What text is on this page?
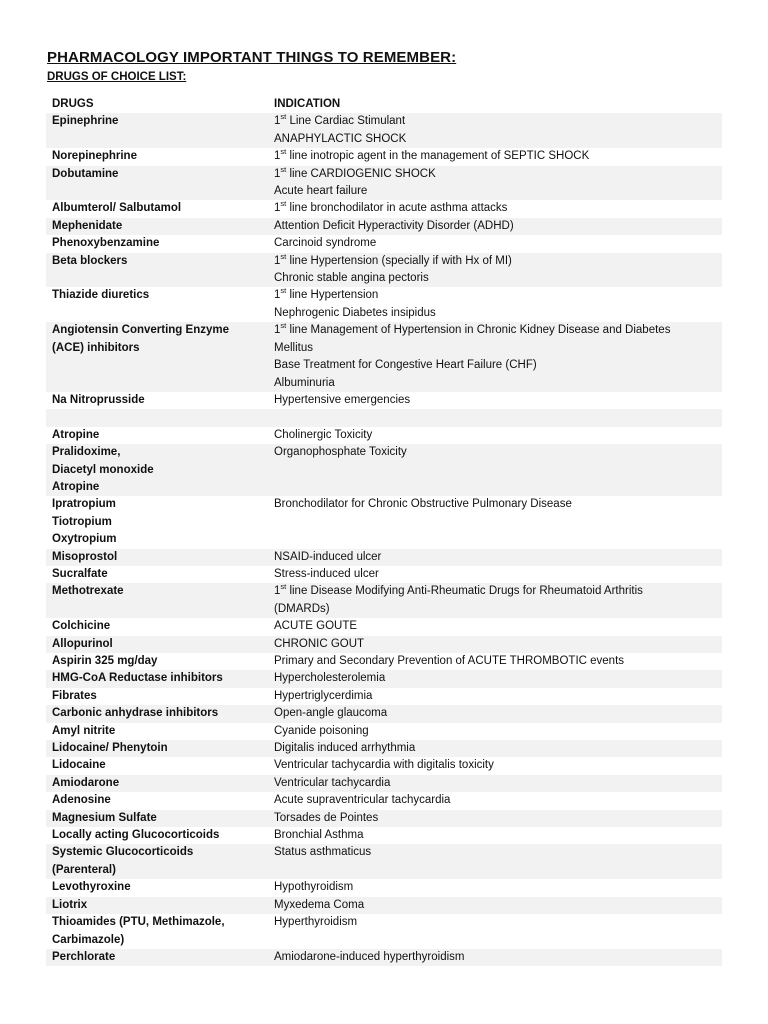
PHARMACOLOGY IMPORTANT THINGS TO REMEMBER:
DRUGS OF CHOICE LIST:
DRUGS	INDICATION

Epinephrine	1st Line Cardiac Stimulant
ANAPHYLACTIC SHOCK

Norepinephrine	1st line inotropic agent in the management of SEPTIC SHOCK

Dobutamine	1st line CARDIOGENIC SHOCK
Acute heart failure

Albumterol/ Salbutamol	1st line bronchodilator in acute asthma attacks

Mephenidate	Attention Deficit Hyperactivity Disorder (ADHD)

Phenoxybenzamine	Carcinoid syndrome

Beta blockers	1st line Hypertension (specially if with Hx of MI)
Chronic stable angina pectoris

Thiazide diuretics	1st line Hypertension
Nephrogenic Diabetes insipidus

Angiotensin Converting Enzyme
(ACE) inhibitors	1st line Management of Hypertension in Chronic Kidney Disease and Diabetes
Mellitus
Base Treatment for Congestive Heart Failure (CHF)
Albuminuria

Na Nitroprusside	Hypertensive emergencies

Atropine	Cholinergic Toxicity

Pralidoxime,
Diacetyl monoxide
Atropine	Organophosphate Toxicity

Ipratropium
Tiotropium
Oxytropium	Bronchodilator for Chronic Obstructive Pulmonary Disease

Misoprostol	NSAID-induced ulcer

Sucralfate	Stress-induced ulcer

Methotrexate	1st line Disease Modifying Anti-Rheumatic Drugs for Rheumatoid Arthritis
(DMARDs)

Colchicine	ACUTE GOUTE

Allopurinol	CHRONIC GOUT

Aspirin 325 mg/day	Primary and Secondary Prevention of ACUTE THROMBOTIC events

HMG-CoA Reductase inhibitors	Hypercholesterolemia

Fibrates	Hypertriglycerdimia

Carbonic anhydrase inhibitors	Open-angle glaucoma

Amyl nitrite	Cyanide poisoning

Lidocaine/ Phenytoin	Digitalis induced arrhythmia

Lidocaine	Ventricular tachycardia with digitalis toxicity

Amiodarone	Ventricular tachycardia

Adenosine	Acute supraventricular tachycardia

Magnesium Sulfate	Torsades de Pointes

Locally acting Glucocorticoids	Bronchial Asthma

Systemic Glucocorticoids
(Parenteral)	Status asthmaticus

Levothyroxine	Hypothyroidism

Liotrix	Myxedema Coma

Thioamides (PTU, Methimazole,
Carbimazole)	Hyperthyroidism

Perchlorate	Amiodarone-induced hyperthyroidism
